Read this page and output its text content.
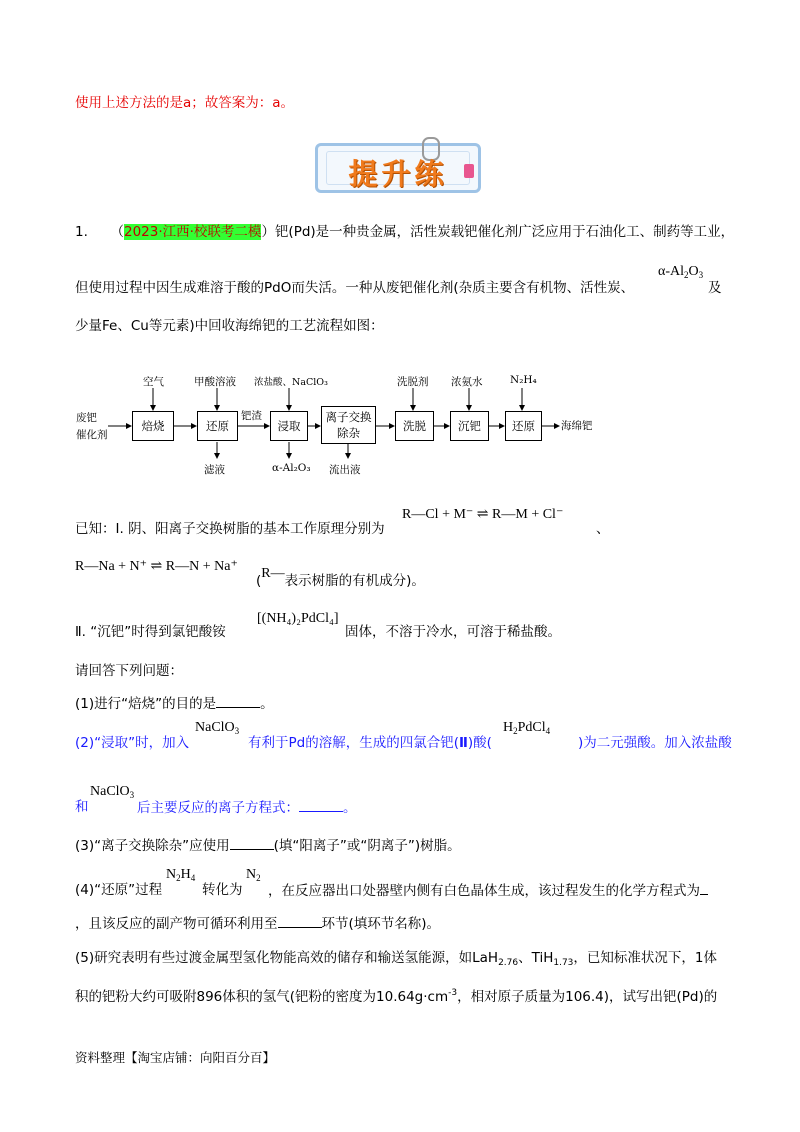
使用上述方法的是a；故答案为：a。
提升练
1. （2023·江西·校联考二模）钯(Pd)是一种贵金属，活性炭载钯催化剂广泛应用于石油化工、制药等工业，
但使用过程中因生成难溶于酸的PdO而失活。一种从废钯催化剂(杂质主要含有机物、活性炭、
$\alpha-Al_2O_3$
及
少量Fe、Cu等元素)中回收海绵钯的工艺流程如图：
废钯
催化剂
焙烧	还原	浸取
离子交换
除杂	洗脱	沉钯	还原	海绵钯
空气	甲酸溶液 浓盐酸、NaClO₃	洗脱剂 浓氨水	N₂H₄
钯渣
滤液	α-Al₂O₃ 流出液
已知：Ⅰ. 阴、阳离子交换树脂的基本工作原理分别为
R—Cl + M⁻ ⇌ R—M + Cl⁻
、
R—Na + N⁺ ⇌ R—N + Na⁺
(R—表示树脂的有机成分)。
Ⅱ. “沉钯”时得到氯钯酸铵
[(NH₄)₂PdCl₄]
固体，不溶于冷水，可溶于稀盐酸。
请回答下列问题：
(1)进行“焙烧”的目的是	。
(2)“浸取”时，加入
NaClO$_3$
有利于Pd的溶解，生成的四氯合钯(Ⅱ)酸(
$H_2PdCl_4$
)为二元强酸。加入浓盐酸
和
NaClO$_3$
后主要反应的离子方程式：	。
(3)“离子交换除杂”应使用	(填“阳离子”或“阴离子”)树脂。
(4)“还原”过程
$N_2H_4$
转化为
$N_2$
，在反应器出口处器壁内侧有白色晶体生成，该过程发生的化学方程式为
，且该反应的副产物可循环利用至	环节(填环节名称)。
(5)研究表明有些过渡金属型氢化物能高效的储存和输送氢能源，如LaH$_{2.76}$、TiH$_{1.73}$，已知标准状况下，1体
积的钯粉大约可吸附896体积的氢气(钯粉的密度为$10.64g\cdot cm^{-3}$，相对原子质量为106.4)，试写出钯(Pd)的
资料整理【淘宝店铺：向阳百分百】
